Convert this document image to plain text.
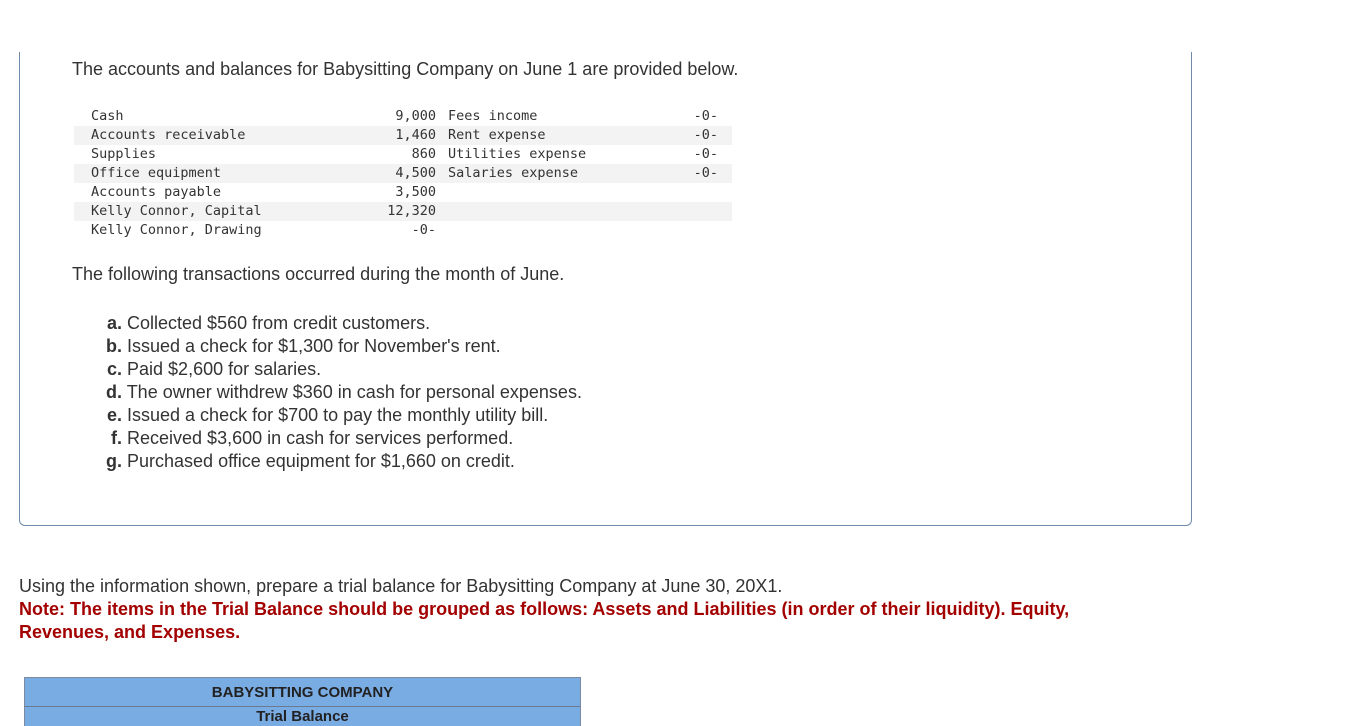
The accounts and balances for Babysitting Company on June 1 are provided below.

Cash	9,000	Fees income	-0-
Accounts receivable	1,460	Rent expense	-0-
Supplies	860	Utilities expense	-0-
Office equipment	4,500	Salaries expense	-0-
Accounts payable	3,500		
Kelly Connor, Capital	12,320		
Kelly Connor, Drawing	-0-		

The following transactions occurred during the month of June.

a. Collected $560 from credit customers.
b. Issued a check for $1,300 for November's rent.
c. Paid $2,600 for salaries.
d. The owner withdrew $360 in cash for personal expenses.
e. Issued a check for $700 to pay the monthly utility bill.
f. Received $3,600 in cash for services performed.
g. Purchased office equipment for $1,660 on credit.
Using the information shown, prepare a trial balance for Babysitting Company at June 30, 20X1.
Note: The items in the Trial Balance should be grouped as follows: Assets and Liabilities (in order of their liquidity). Equity, Revenues, and Expenses.
BABYSITTING COMPANY
Trial Balance
